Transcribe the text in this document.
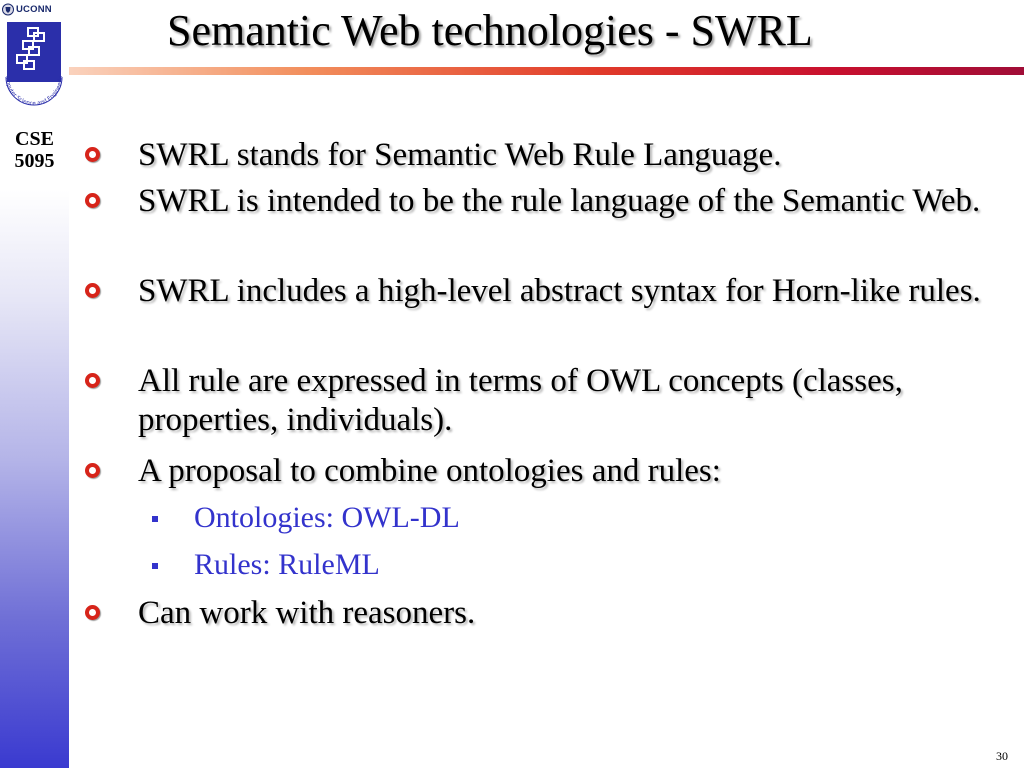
UCONN
omputer Science and Engineerin
CSE
5095
Semantic Web technologies - SWRL
SWRL stands for Semantic Web Rule Language.
SWRL is intended to be the rule language of the Semantic Web.
SWRL includes a high-level abstract syntax for Horn-like rules.
All rule are expressed in terms of OWL concepts (classes, properties, individuals).
A proposal to combine ontologies and rules:
Ontologies: OWL-DL
Rules: RuleML
Can work with reasoners.
30
